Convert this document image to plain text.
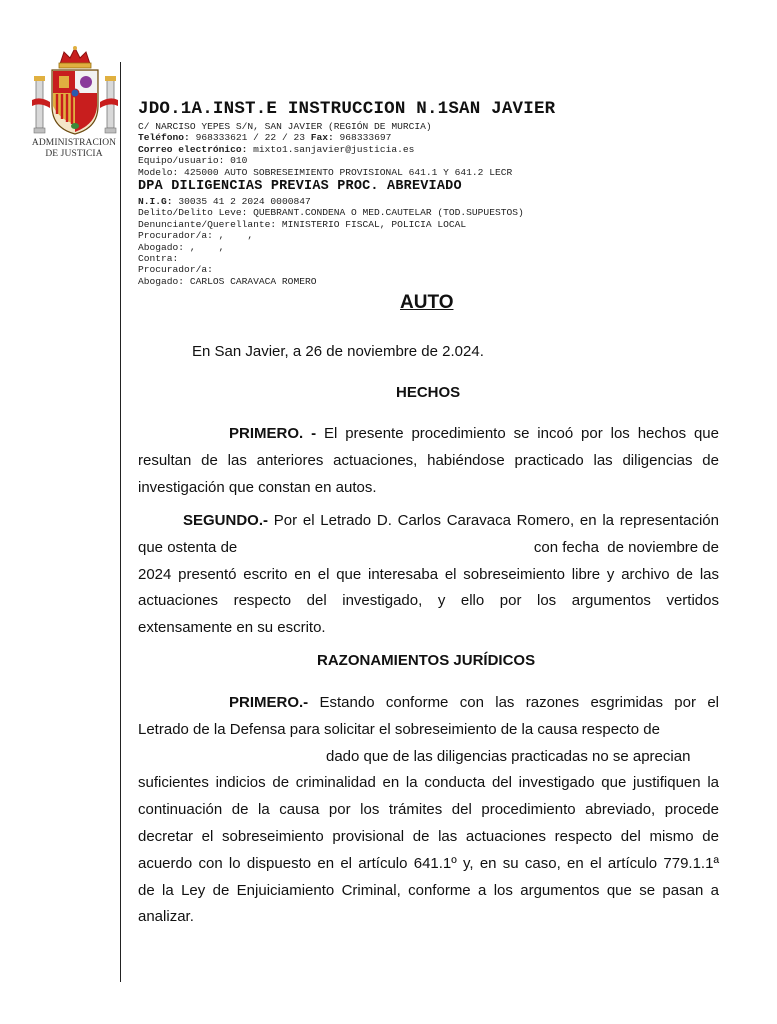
ADMINISTRACION
DE JUSTICIA
JDO.1A.INST.E INSTRUCCION N.1SAN JAVIER
C/ NARCISO YEPES S/N, SAN JAVIER (REGIÓN DE MURCIA)
Teléfono: 968333621 / 22 / 23 Fax: 968333697
Correo electrónico: mixto1.sanjavier@justicia.es
Equipo/usuario: 010
Modelo: 425000 AUTO SOBRESEIMIENTO PROVISIONAL 641.1 Y 641.2 LECR
DPA DILIGENCIAS PREVIAS PROC. ABREVIADO
N.I.G: 30035 41 2 2024 0000847
Delito/Delito Leve: QUEBRANT.CONDENA O MED.CAUTELAR (TOD.SUPUESTOS)
Denunciante/Querellante: MINISTERIO FISCAL, POLICIA LOCAL
Procurador/a: ,    ,
Abogado: ,    ,
Contra:
Procurador/a:
Abogado: CARLOS CARAVACA ROMERO
AUTO
En San Javier, a 26 de noviembre de 2.024.
HECHOS
PRIMERO. - El presente procedimiento se incoó por los hechos que
resultan de las anteriores actuaciones, habiéndose practicado las diligencias de
investigación que constan en autos.
SEGUNDO.- Por el Letrado D. Carlos Caravaca Romero, en la representación
que ostenta de	con fecha  de noviembre de
2024 presentó escrito en el que interesaba el sobreseimiento libre y archivo de las
actuaciones respecto del investigado, y ello por los argumentos vertidos
extensamente en su escrito.
RAZONAMIENTOS JURÍDICOS
PRIMERO.- Estando conforme con las razones esgrimidas por el
Letrado de la Defensa para solicitar el sobreseimiento de la causa respecto de
dado que de las diligencias practicadas no se aprecian
suficientes indicios de criminalidad en la conducta del investigado que justifiquen la
continuación de la causa por los trámites del procedimiento abreviado, procede
decretar el sobreseimiento provisional de las actuaciones respecto del mismo de
acuerdo con lo dispuesto en el artículo 641.1º y, en su caso, en el artículo 779.1.1ª
de la Ley de Enjuiciamiento Criminal, conforme a los argumentos que se pasan a
analizar.
